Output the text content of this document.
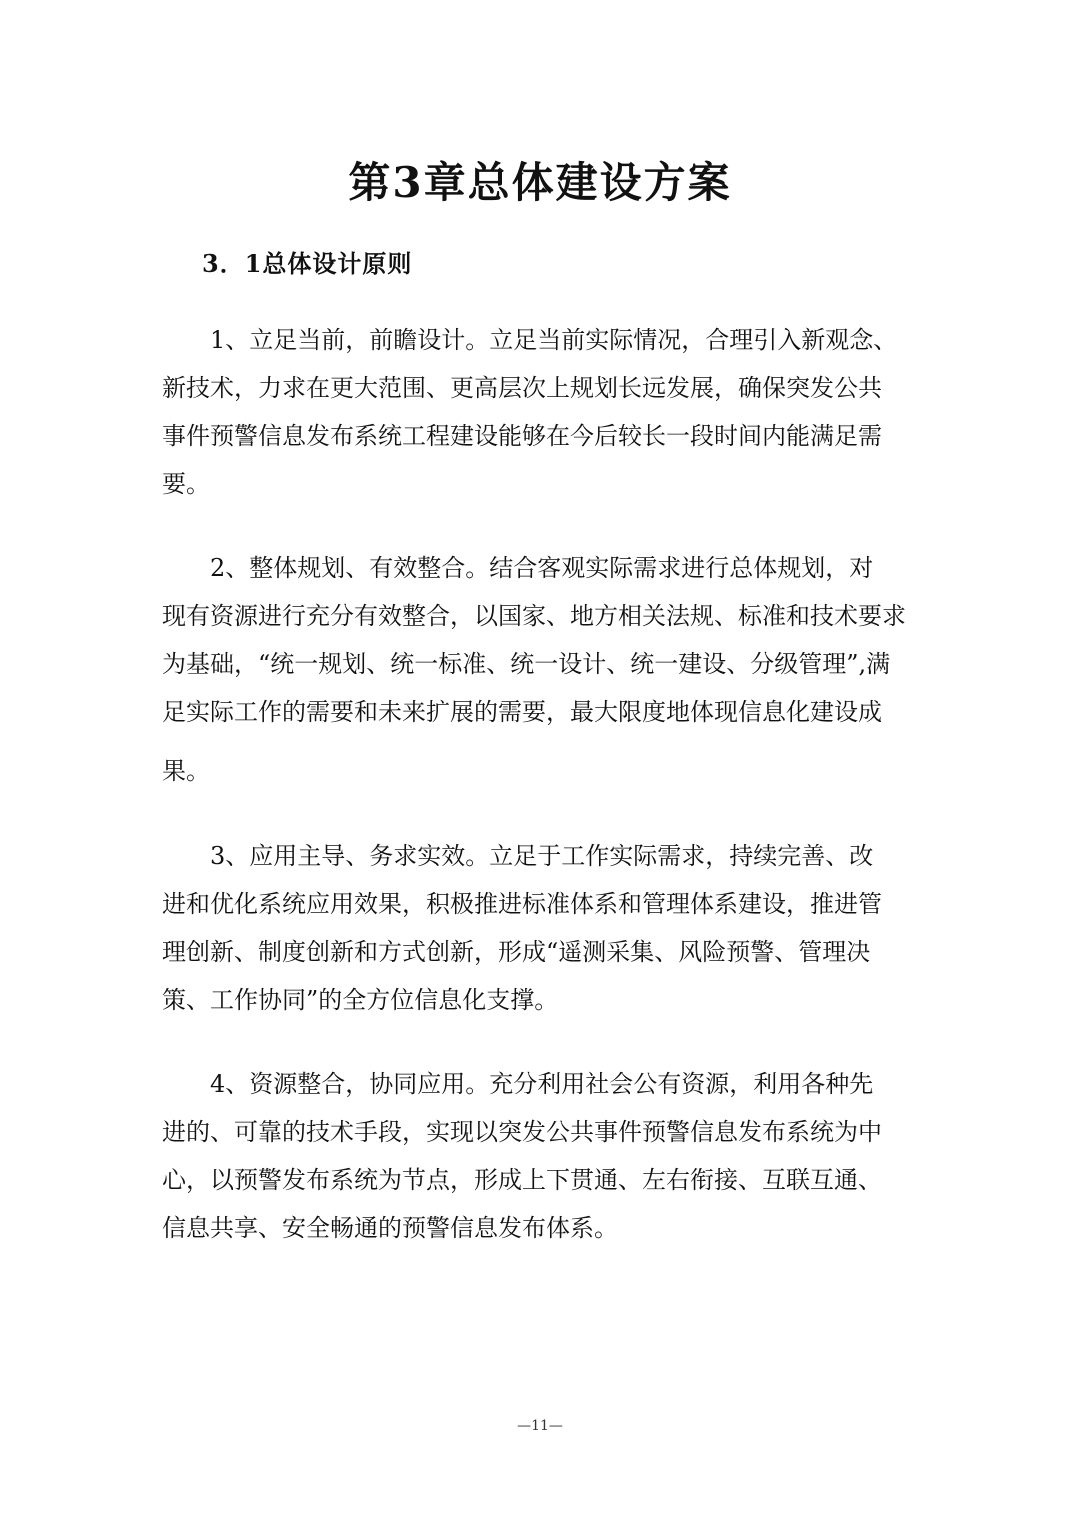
第3章总体建设方案
3．1总体设计原则
1、立足当前，前瞻设计。立足当前实际情况，合理引入新观念、
新技术，力求在更大范围、更高层次上规划长远发展，确保突发公共
事件预警信息发布系统工程建设能够在今后较长一段时间内能满足需
要。
2、整体规划、有效整合。结合客观实际需求进行总体规划，对
现有资源进行充分有效整合，以国家、地方相关法规、标准和技术要求
为基础，“统一规划、统一标准、统一设计、统一建设、分级管理”,满
足实际工作的需要和未来扩展的需要，最大限度地体现信息化建设成
果。
3、应用主导、务求实效。立足于工作实际需求，持续完善、改
进和优化系统应用效果，积极推进标准体系和管理体系建设，推进管
理创新、制度创新和方式创新，形成“遥测采集、风险预警、管理决
策、工作协同”的全方位信息化支撑。
4、资源整合，协同应用。充分利用社会公有资源，利用各种先
进的、可靠的技术手段，实现以突发公共事件预警信息发布系统为中
心，以预警发布系统为节点，形成上下贯通、左右衔接、互联互通、
信息共享、安全畅通的预警信息发布体系。
—11—
